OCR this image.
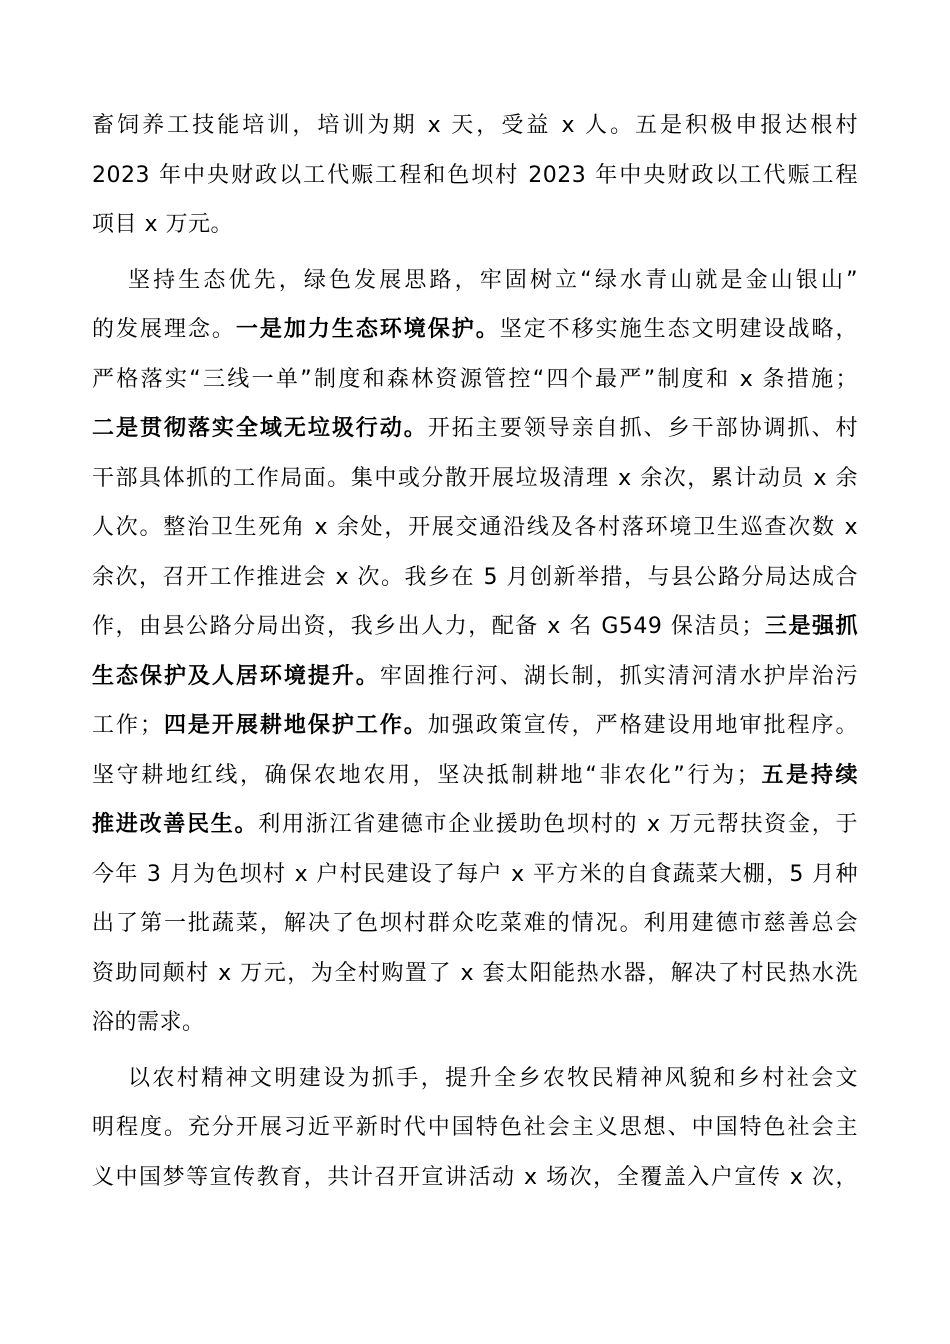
畜饲养工技能培训，培训为期 x 天，受益 x 人。五是积极申报达根村
2023 年中央财政以工代赈工程和色坝村 2023 年中央财政以工代赈工程
项目 x 万元。
坚持生态优先，绿色发展思路，牢固树立“绿水青山就是金山银山”
的发展理念。一是加力生态环境保护。坚定不移实施生态文明建设战略，
严格落实“三线一单”制度和森林资源管控“四个最严”制度和 x 条措施；
二是贯彻落实全域无垃圾行动。开拓主要领导亲自抓、乡干部协调抓、村
干部具体抓的工作局面。集中或分散开展垃圾清理 x 余次，累计动员 x 余
人次。整治卫生死角 x 余处，开展交通沿线及各村落环境卫生巡查次数 x
余次，召开工作推进会 x 次。我乡在 5 月创新举措，与县公路分局达成合
作，由县公路分局出资，我乡出人力，配备 x 名 G549 保洁员；三是强抓
生态保护及人居环境提升。牢固推行河、湖长制，抓实清河清水护岸治污
工作；四是开展耕地保护工作。加强政策宣传，严格建设用地审批程序。
坚守耕地红线，确保农地农用，坚决抵制耕地“非农化”行为；五是持续
推进改善民生。利用浙江省建德市企业援助色坝村的 x 万元帮扶资金，于
今年 3 月为色坝村 x 户村民建设了每户 x 平方米的自食蔬菜大棚，5 月种
出了第一批蔬菜，解决了色坝村群众吃菜难的情况。利用建德市慈善总会
资助同颠村 x 万元，为全村购置了 x 套太阳能热水器，解决了村民热水洗
浴的需求。
以农村精神文明建设为抓手，提升全乡农牧民精神风貌和乡村社会文
明程度。充分开展习近平新时代中国特色社会主义思想、中国特色社会主
义中国梦等宣传教育，共计召开宣讲活动 x 场次，全覆盖入户宣传 x 次，
